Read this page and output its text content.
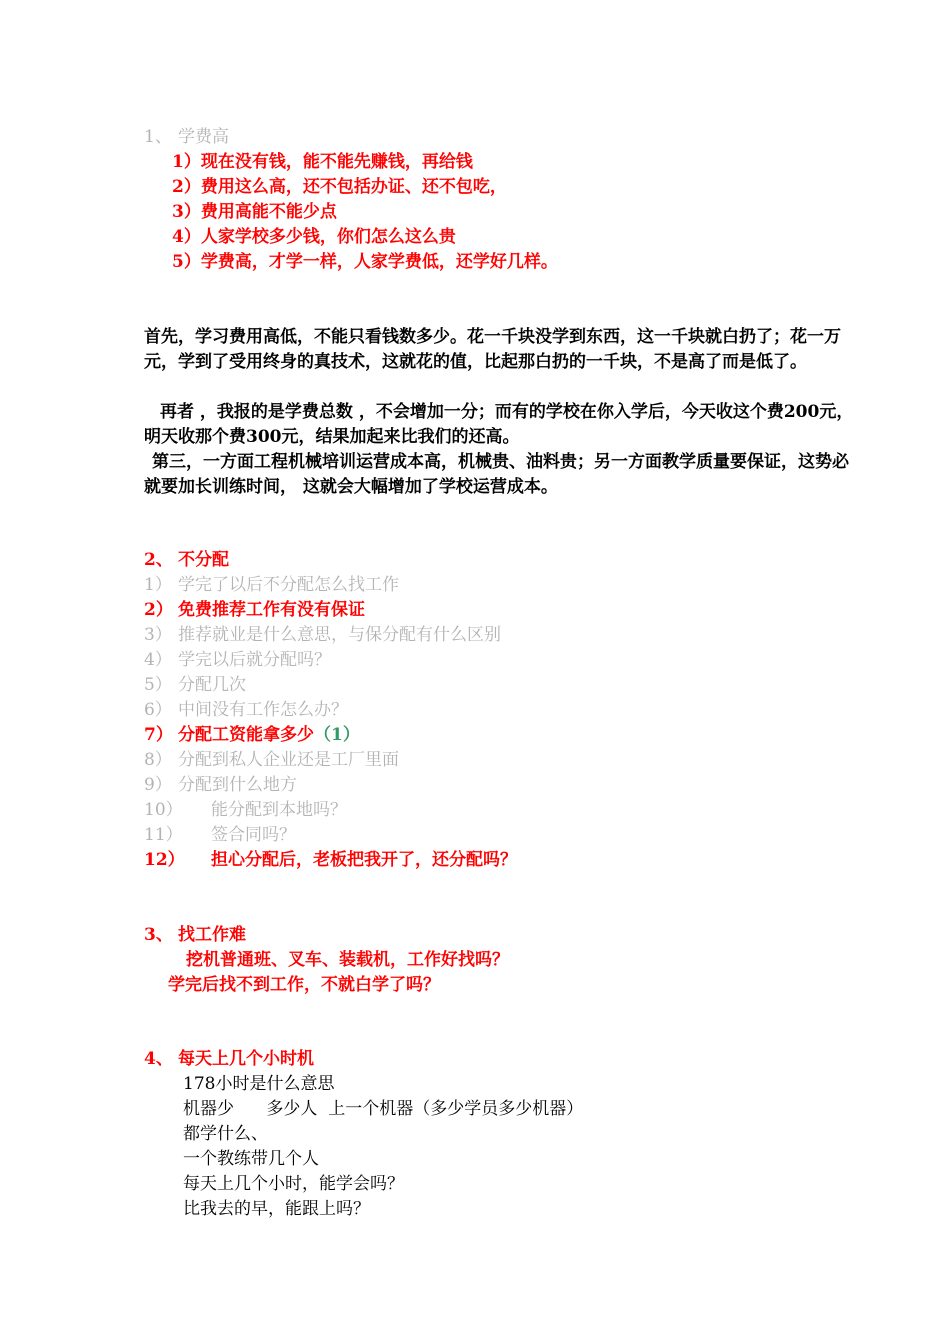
1、 学费高

1）现在没有钱，能不能先赚钱，再给钱

2）费用这么高，还不包括办证、还不包吃，

3）费用高能不能少点

4）人家学校多少钱，你们怎么这么贵

5）学费高，才学一样，人家学费低，还学好几样。

首先，学习费用高低，不能只看钱数多少。花一千块没学到东西，这一千块就白扔了；花一万元，学到了受用终身的真技术，这就花的值，比起那白扔的一千块，不是高了而是低了。

再者 ，我报的是学费总数 ，不会增加一分；而有的学校在你入学后，今天收这个费200元，明天收那个费300元，结果加起来比我们的还高。

第三，一方面工程机械培训运营成本高，机械贵、油料贵；另一方面教学质量要保证，这势必就要加长训练时间， 这就会大幅增加了学校运营成本。

2、 不分配

1） 学完了以后不分配怎么找工作

2） 免费推荐工作有没有保证

3） 推荐就业是什么意思，与保分配有什么区别

4） 学完以后就分配吗？

5） 分配几次

6） 中间没有工作怎么办？

7） 分配工资能拿多少（1）

8） 分配到私人企业还是工厂里面

9） 分配到什么地方

10） 能分配到本地吗？

11） 签合同吗？

12） 担心分配后，老板把我开了，还分配吗？

3、 找工作难

挖机普通班、叉车、装载机，工作好找吗？

学完后找不到工作，不就白学了吗？

4、 每天上几个小时机

178小时是什么意思

机器少      多少人  上一个机器（多少学员多少机器）

都学什么、

一个教练带几个人

每天上几个小时，能学会吗？

比我去的早，能跟上吗？
